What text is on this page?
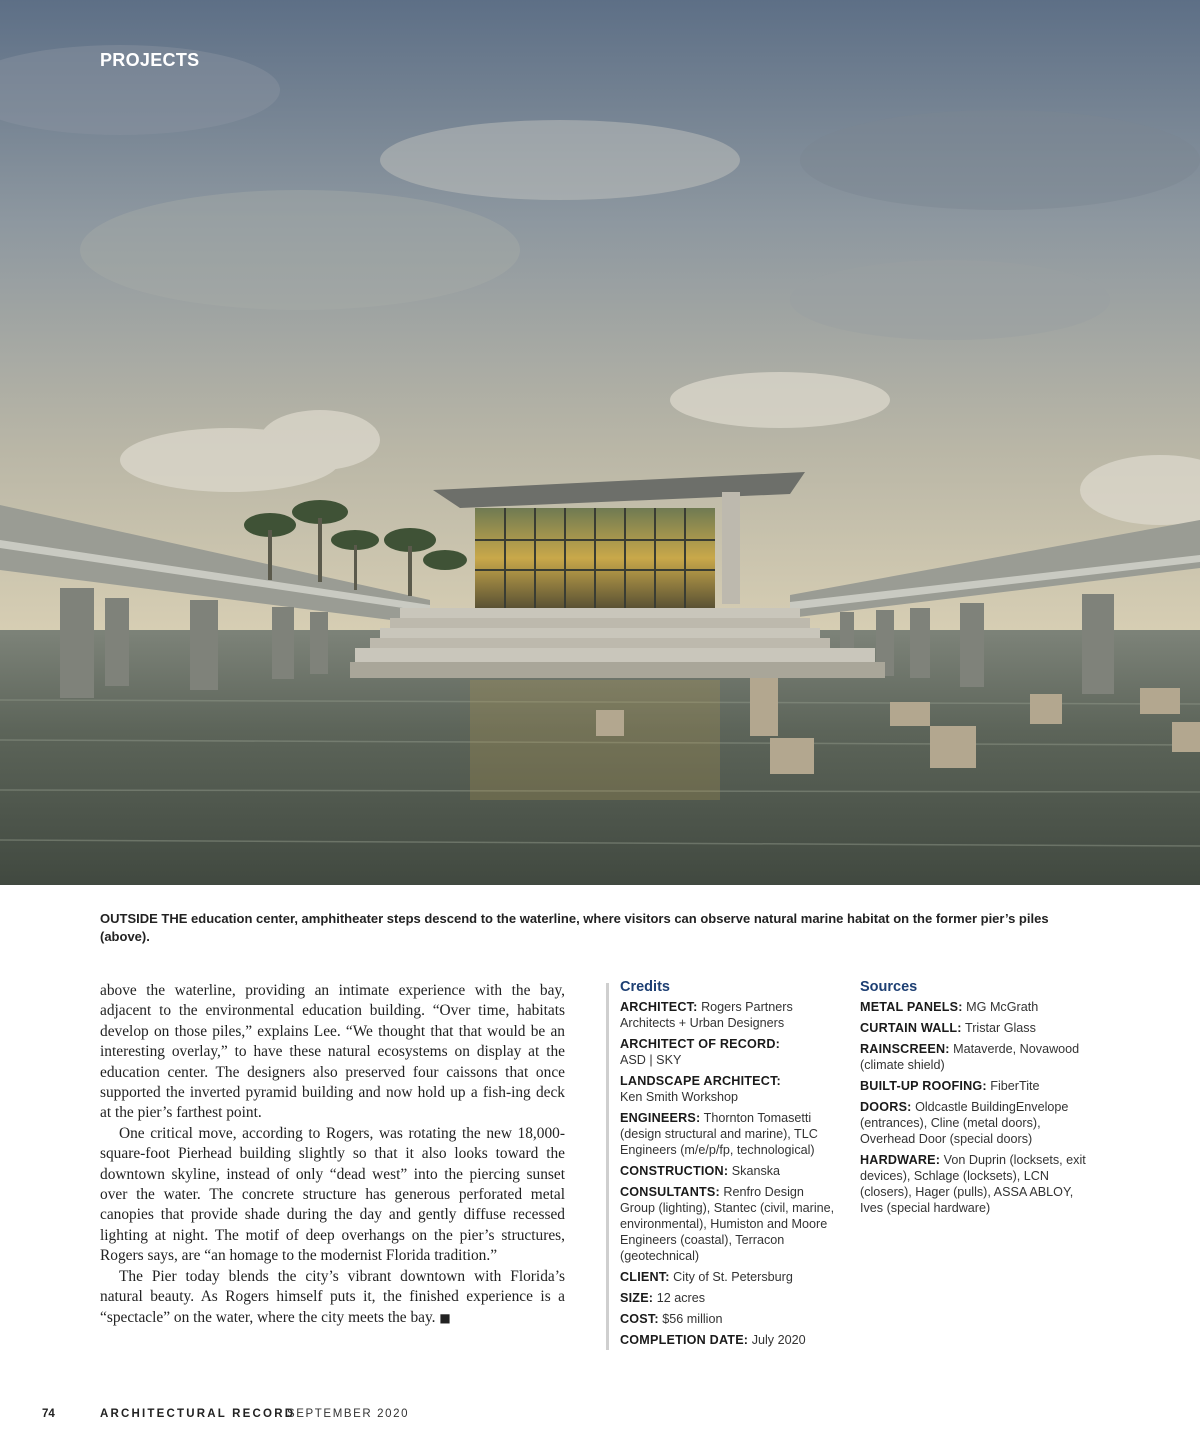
PROJECTS
OUTSIDE THE education center, amphitheater steps descend to the waterline, where visitors can observe natural marine habitat on the former pier’s piles (above).

above the waterline, providing an intimate experience with the bay, adjacent to the environmental education building. “Over time, habitats develop on those piles,” explains Lee. “We thought that that would be an interesting overlay,” to have these natural ecosystems on display at the education center. The designers also preserved four caissons that once supported the inverted pyramid building and now hold up a fish-ing deck at the pier’s farthest point.

One critical move, according to Rogers, was rotating the new 18,000-square-foot Pierhead building slightly so that it also looks toward the downtown skyline, instead of only “dead west” into the piercing sunset over the water. The concrete structure has generous perforated metal canopies that provide shade during the day and gently diffuse recessed lighting at night. The motif of deep overhangs on the pier’s structures, Rogers says, are “an homage to the modernist Florida tradition.”

The Pier today blends the city’s vibrant downtown with Florida’s natural beauty. As Rogers himself puts it, the finished experience is a “spectacle” on the water, where the city meets the bay. ■

Credits
ARCHITECT: Rogers Partners Architects + Urban Designers
ARCHITECT OF RECORD:
ASD | SKY
LANDSCAPE ARCHITECT:
Ken Smith Workshop
ENGINEERS: Thornton Tomasetti (design structural and marine), TLC Engineers (m/e/p/fp, technological)
CONSTRUCTION: Skanska
CONSULTANTS: Renfro Design Group (lighting), Stantec (civil, marine, environmental), Humiston and Moore Engineers (coastal), Terracon (geotechnical)
CLIENT: City of St. Petersburg
SIZE: 12 acres
COST: $56 million
COMPLETION DATE: July 2020
Sources
METAL PANELS: MG McGrath
CURTAIN WALL: Tristar Glass
RAINSCREEN: Mataverde, Novawood (climate shield)
BUILT-UP ROOFING: FiberTite
DOORS: Oldcastle BuildingEnvelope (entrances), Cline (metal doors), Overhead Door (special doors)
HARDWARE: Von Duprin (locksets, exit devices), Schlage (locksets), LCN (closers), Hager (pulls), ASSA ABLOY, Ives (special hardware)
74	ARCHITECTURAL RECORD
SEPTEMBER 2020
